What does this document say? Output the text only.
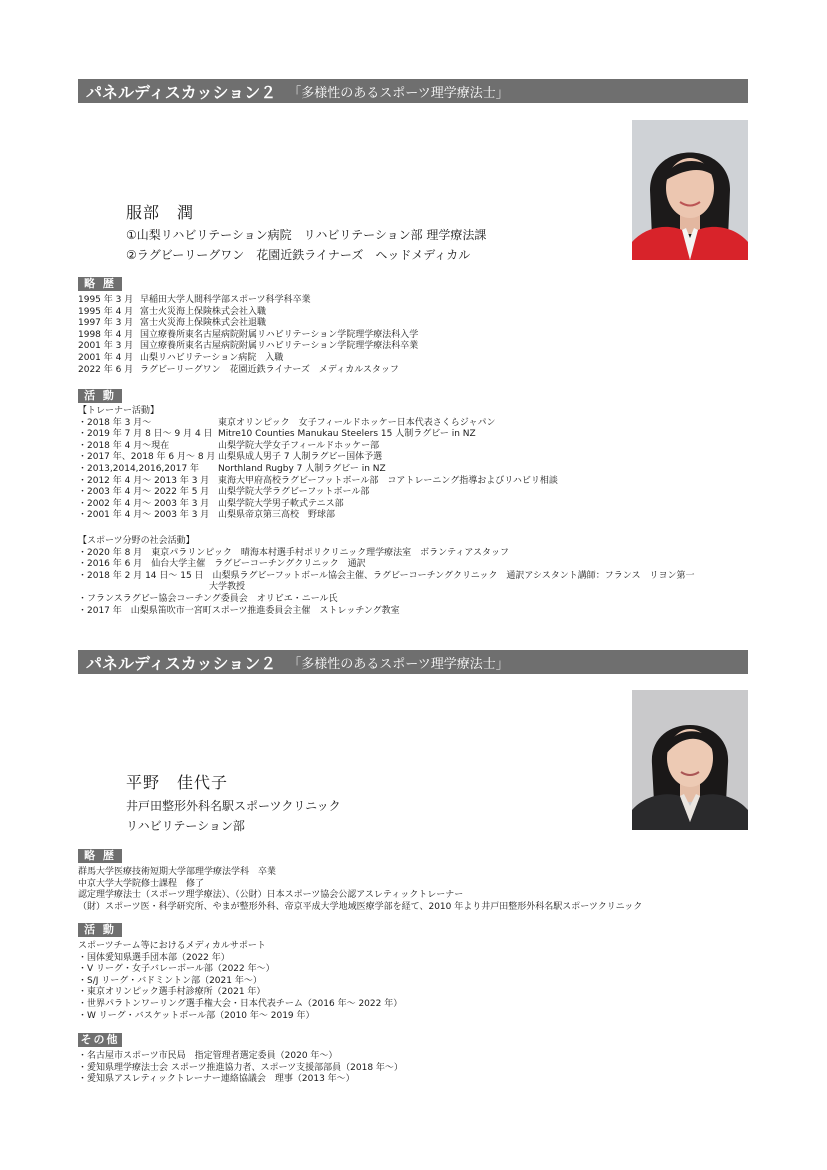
パネルディスカッション２ 「多様性のあるスポーツ理学療法士」
服部　潤
①山梨リハビリテーション病院　リハビリテーション部 理学療法課
②ラグビーリーグワン　花園近鉄ライナーズ　ヘッドメディカル
略 歴
1995 年 3 月 早稲田大学人間科学部スポーツ科学科卒業
1995 年 4 月 富士火災海上保険株式会社入職
1997 年 3 月 富士火災海上保険株式会社退職
1998 年 4 月 国立療養所東名古屋病院附属リハビリテーション学院理学療法科入学
2001 年 3 月 国立療養所東名古屋病院附属リハビリテーション学院理学療法科卒業
2001 年 4 月 山梨リハビリテーション病院　入職
2022 年 6 月 ラグビーリーグワン　花園近鉄ライナーズ　メディカルスタッフ
活 動
【トレーナー活動】
・2018 年 3 月～	東京オリンピック　女子フィールドホッケー日本代表さくらジャパン
・2019 年 7 月 8 日～ 9 月 4 日 Mitre10 Counties Manukau Steelers 15 人制ラグビー in NZ
・2018 年 4 月～現在	山梨学院大学女子フィールドホッケー部
・2017 年、2018 年 6 月～ 8 月 山梨県成人男子 7 人制ラグビー国体予選
・2013,2014,2016,2017 年	Northland Rugby 7 人制ラグビー in NZ
・2012 年 4 月～ 2013 年 3 月 東海大甲府高校ラグビーフットボール部　コアトレーニング指導およびリハビリ相談
・2003 年 4 月～ 2022 年 5 月 山梨学院大学ラグビーフットボール部
・2002 年 4 月～ 2003 年 3 月 山梨学院大学男子軟式テニス部
・2001 年 4 月～ 2003 年 3 月 山梨県帝京第三高校　野球部
【スポーツ分野の社会活動】
・2020 年 8 月　東京パラリンピック　晴海本村選手村ポリクリニック理学療法室　ボランティアスタッフ
・2016 年 6 月　仙台大学主催　ラグビーコーチングクリニック　通訳
・2018 年 2 月 14 日～ 15 日　山梨県ラグビーフットボール協会主催、ラグビーコーチングクリニック　通訳アシスタント講師：フランス　リヨン第一
大学教授
・フランスラグビー協会コーチング委員会　オリビエ・ニール氏
・2017 年　山梨県笛吹市一宮町スポーツ推進委員会主催　ストレッチング教室
パネルディスカッション２ 「多様性のあるスポーツ理学療法士」
平野　佳代子
井戸田整形外科名駅スポーツクリニック
リハビリテーション部
略 歴
群馬大学医療技術短期大学部理学療法学科　卒業
中京大学大学院修士課程　修了
認定理学療法士（スポーツ理学療法）、（公財）日本スポーツ協会公認アスレティックトレーナー
（財）スポーツ医・科学研究所、やまが整形外科、帝京平成大学地域医療学部を経て、2010 年より井戸田整形外科名駅スポーツクリニック
活 動
スポーツチーム等におけるメディカルサポート
・国体愛知県選手団本部（2022 年）
・V リーグ・女子バレーボール部（2022 年～）
・S/J リーグ・バドミントン部（2021 年～）
・東京オリンピック選手村診療所（2021 年）
・世界パラトンワーリング選手権大会・日本代表チーム（2016 年～ 2022 年）
・W リーグ・バスケットボール部（2010 年～ 2019 年）
その他
・名古屋市スポーツ市民局　指定管理者選定委員（2020 年～）
・愛知県理学療法士会 スポーツ推進協力者、スポーツ支援部部員（2018 年～）
・愛知県アスレティックトレーナー連絡協議会　理事（2013 年～）
